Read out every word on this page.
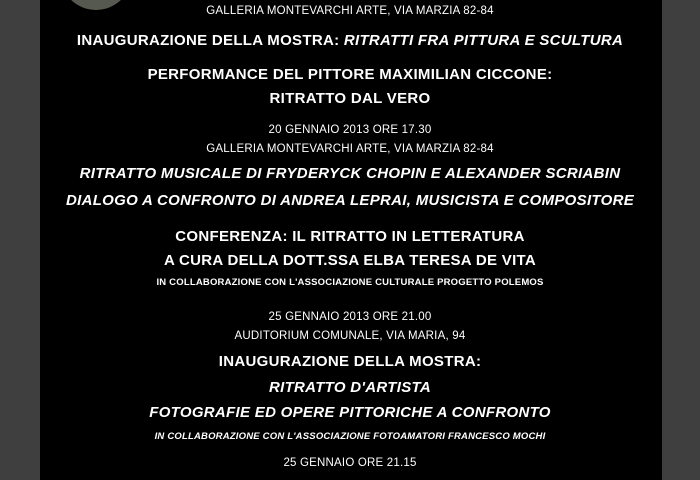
GALLERIA MONTEVARCHI ARTE, VIA MARZIA 82-84
INAUGURAZIONE DELLA MOSTRA: RITRATTI FRA PITTURA E SCULTURA
PERFORMANCE DEL PITTORE MAXIMILIAN CICCONE:
RITRATTO DAL VERO
20 GENNAIO 2013 ORE 17.30
GALLERIA MONTEVARCHI ARTE, VIA MARZIA 82-84
RITRATTO MUSICALE DI FRYDERYCK CHOPIN E ALEXANDER SCRIABIN
DIALOGO A CONFRONTO DI ANDREA LEPRAI, MUSICISTA E COMPOSITORE
CONFERENZA: IL RITRATTO IN LETTERATURA
A CURA DELLA DOTT.SSA ELBA TERESA DE VITA
IN COLLABORAZIONE CON L'ASSOCIAZIONE CULTURALE PROGETTO POLEMOS
25 GENNAIO 2013 ORE 21.00
AUDITORIUM COMUNALE, VIA MARIA, 94
INAUGURAZIONE DELLA MOSTRA:
RITRATTO D'ARTISTA
FOTOGRAFIE ED OPERE PITTORICHE A CONFRONTO
IN COLLABORAZIONE CON L'ASSOCIAZIONE FOTOAMATORI FRANCESCO MOCHI
25 GENNAIO ORE 21.15
